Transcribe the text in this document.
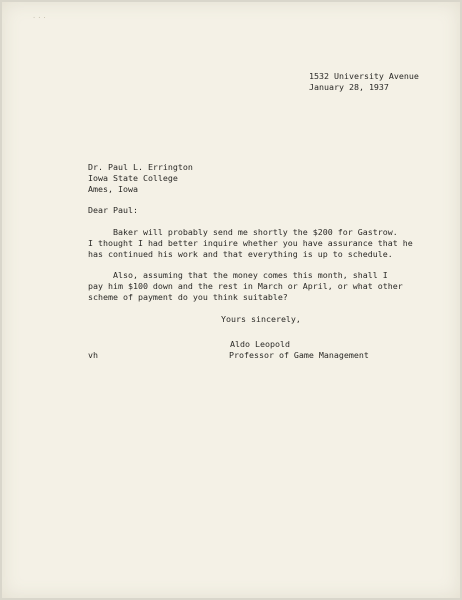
...
1532 University Avenue
January 28, 1937
Dr. Paul L. Errington
Iowa State College
Ames, Iowa
Dear Paul:
Baker will probably send me shortly the $200 for Gastrow.
I thought I had better inquire whether you have assurance that he
has continued his work and that everything is up to schedule.
Also, assuming that the money comes this month, shall I
pay him $100 down and the rest in March or April, or what other
scheme of payment do you think suitable?
Yours sincerely,
Aldo Leopold
Professor of Game Management
vh
